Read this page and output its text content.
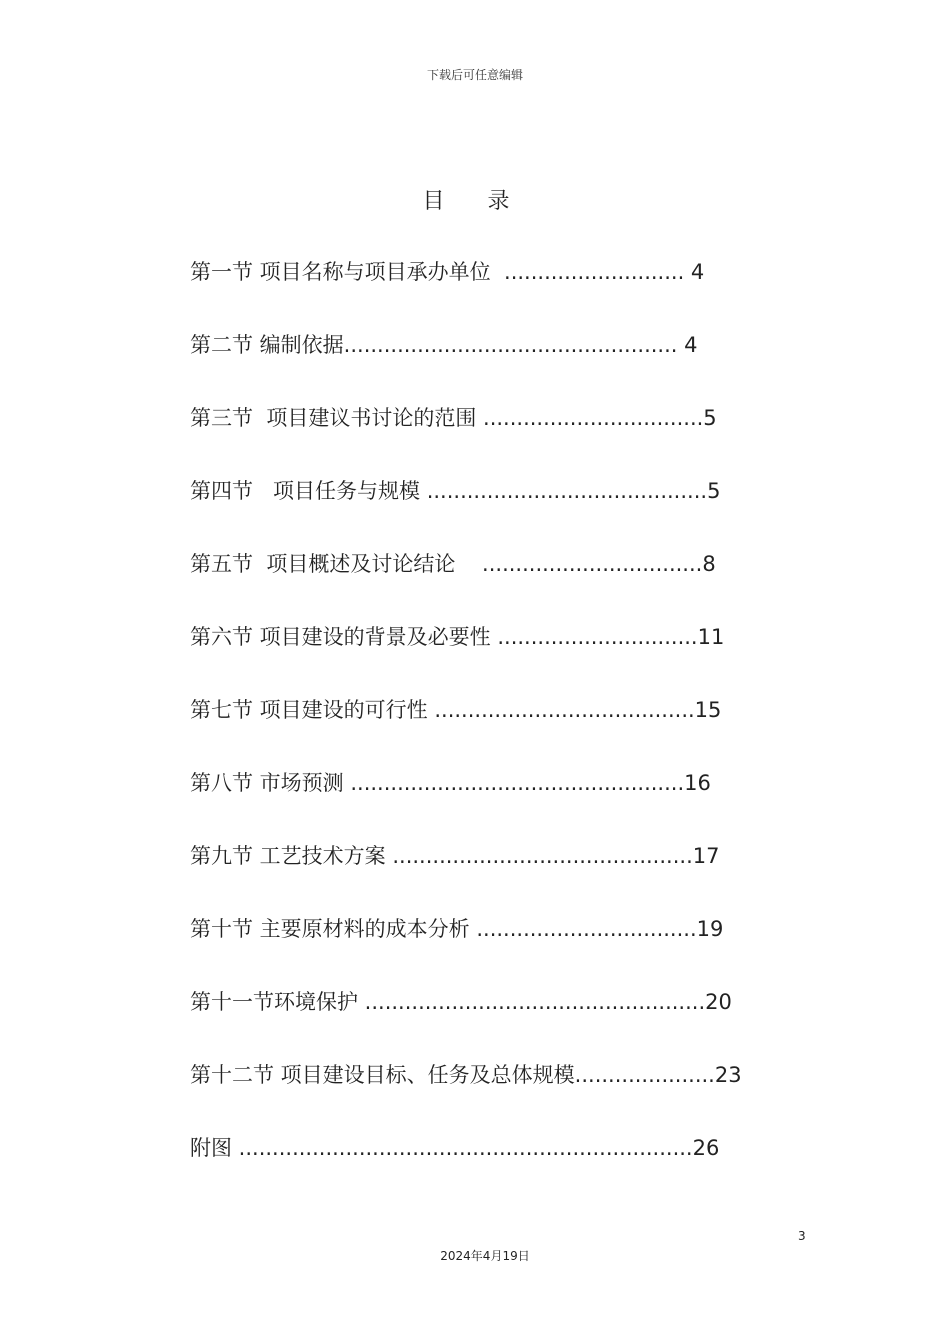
下载后可任意编辑
目 录
第一节 项目名称与项目承办单位  ........................... 4
第二节 编制依据.................................................. 4
第三节  项目建议书讨论的范围 .................................5
第四节   项目任务与规模 ..........................................5
第五节  项目概述及讨论结论    .................................8
第六节 项目建设的背景及必要性 ..............................11
第七节 项目建设的可行性 .......................................15
第八节 市场预测 ..................................................16
第九节 工艺技术方案 .............................................17
第十节 主要原材料的成本分析 .................................19
第十一节环境保护 ...................................................20
第十二节 项目建设目标、任务及总体规模.....................23
附图 ....................................................................26
3
2024年4月19日
